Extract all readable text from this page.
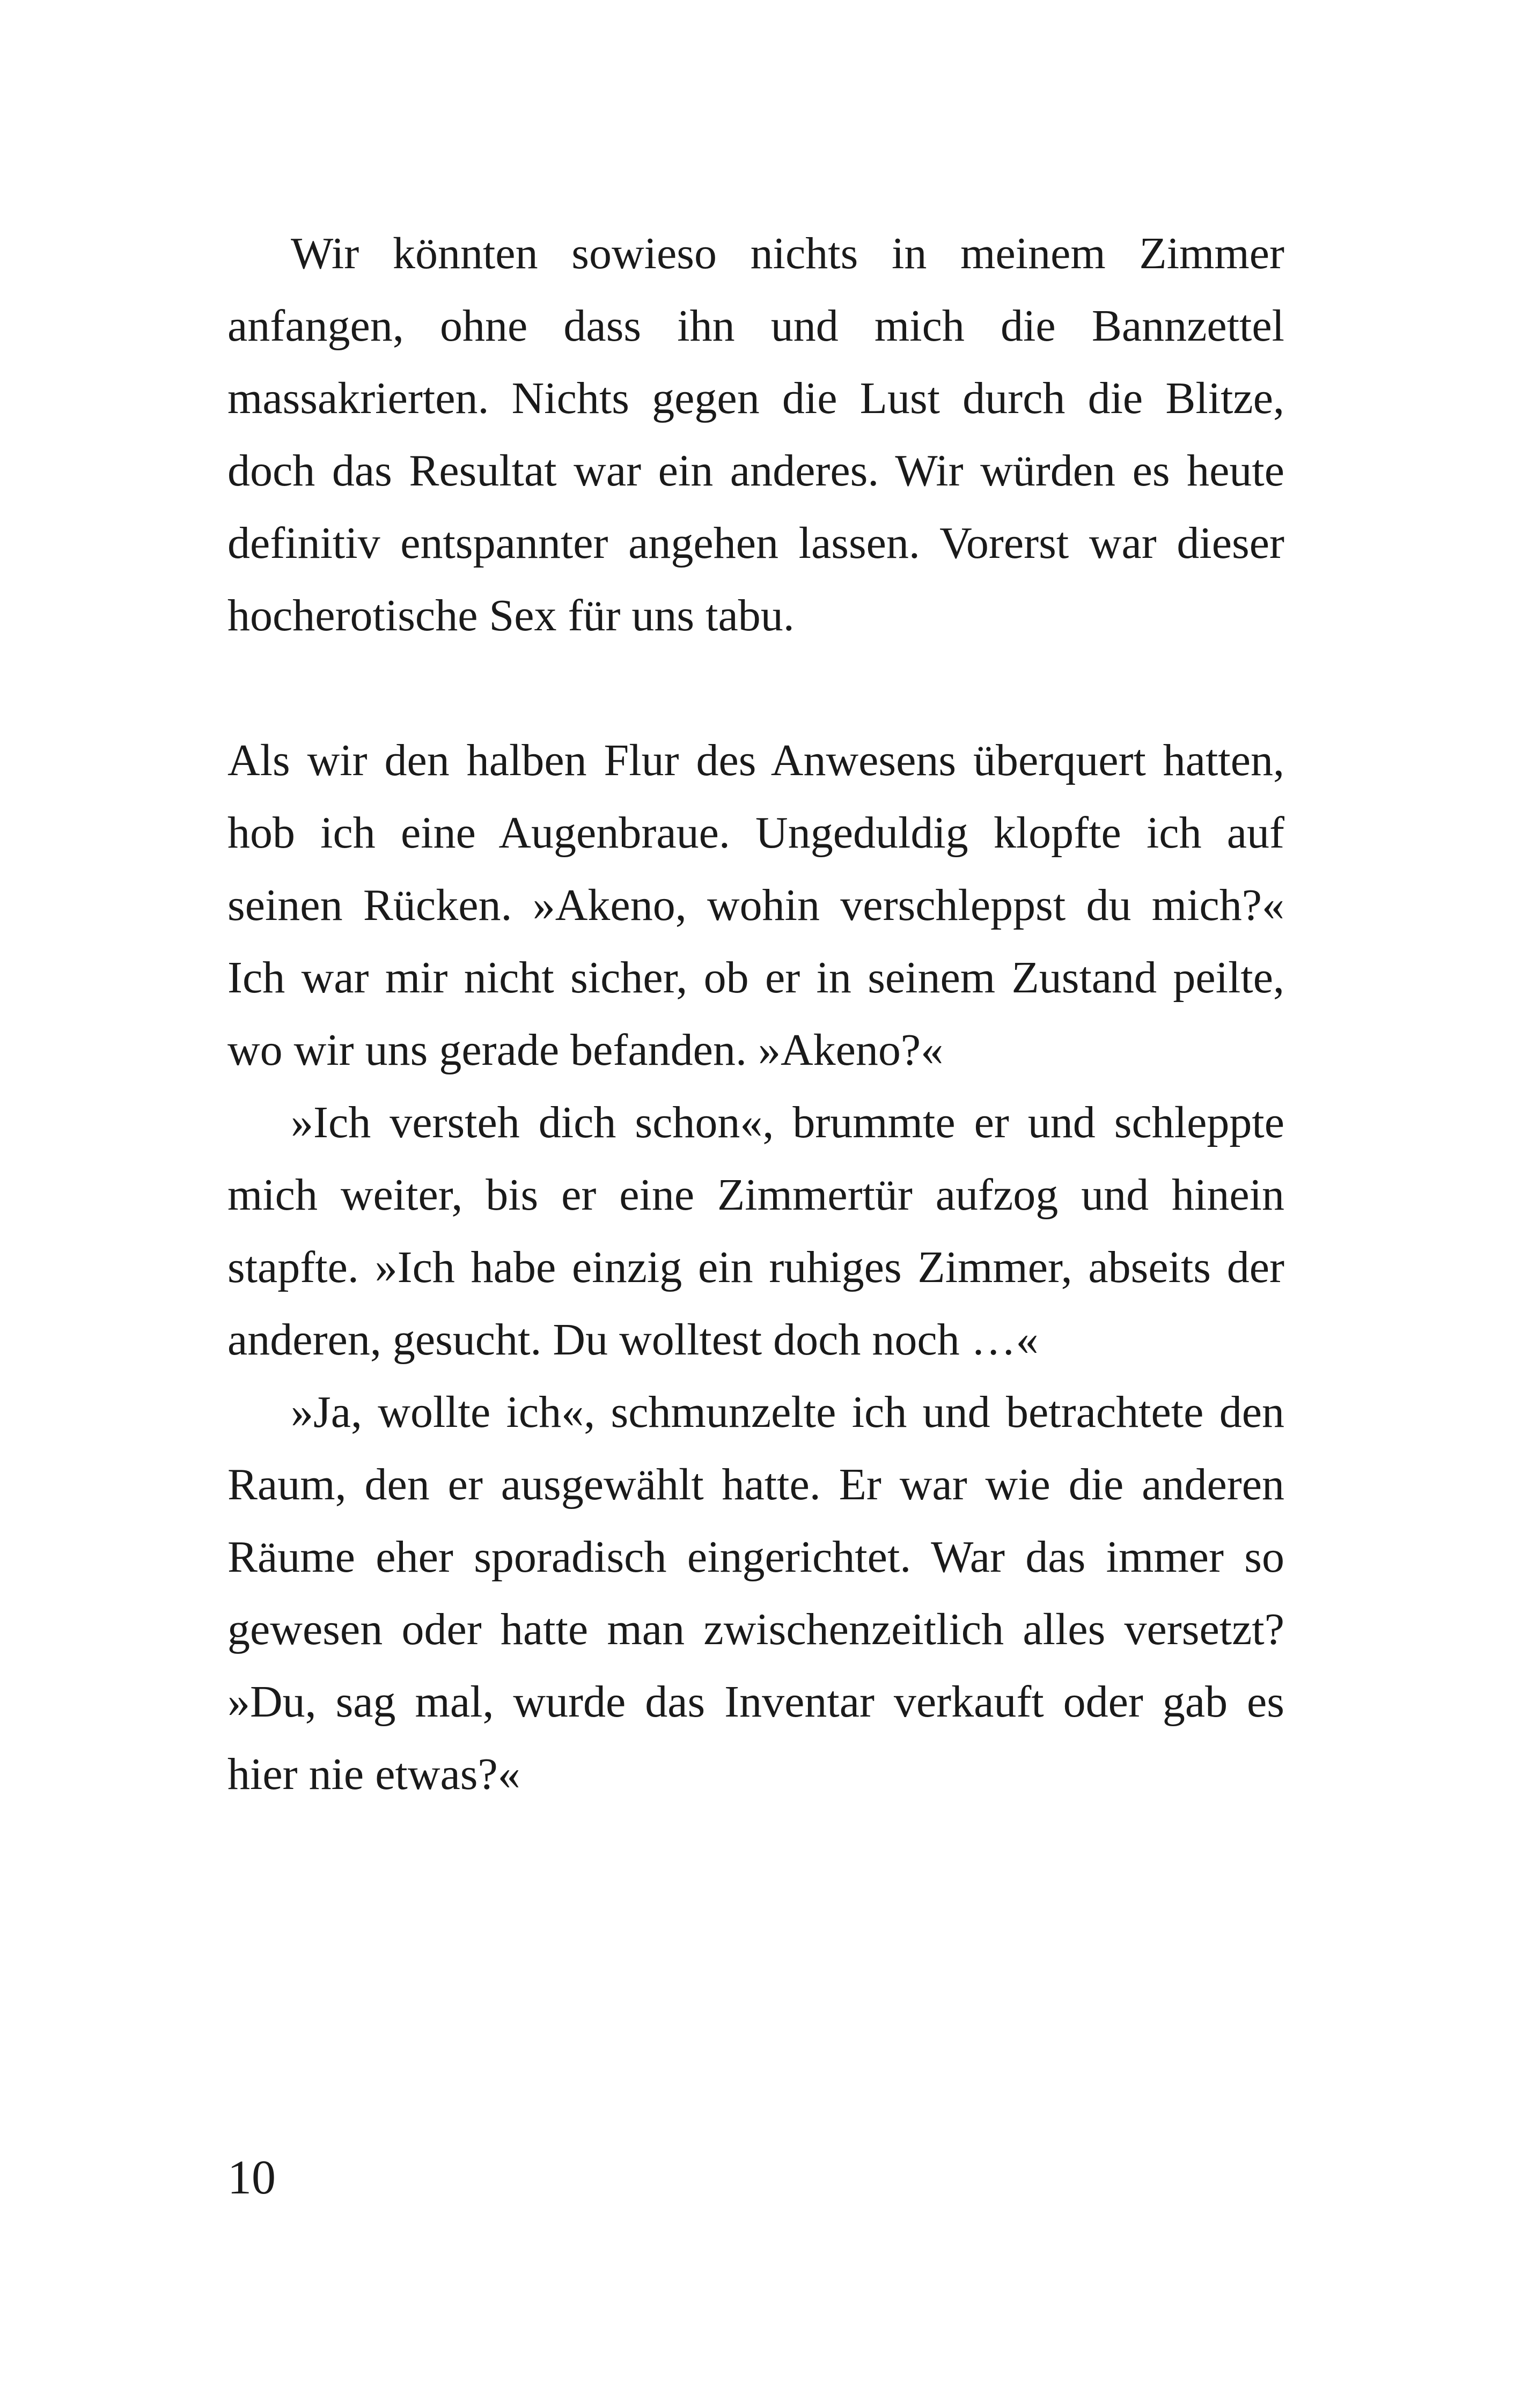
Wir könnten sowieso nichts in meinem Zimmer anfangen, ohne dass ihn und mich die Bannzettel massakrierten. Nichts gegen die Lust durch die Blitze, doch das Resultat war ein anderes. Wir würden es heute definitiv entspannter angehen lassen. Vorerst war dieser hocherotische Sex für uns tabu.

Als wir den halben Flur des Anwesens überquert hatten, hob ich eine Augenbraue. Ungeduldig klopfte ich auf seinen Rücken. »Akeno, wohin verschleppst du mich?« Ich war mir nicht sicher, ob er in seinem Zustand peilte, wo wir uns gerade befanden. »Akeno?«

»Ich versteh dich schon«, brummte er und schleppte mich weiter, bis er eine Zimmertür aufzog und hinein stapfte. »Ich habe einzig ein ruhiges Zimmer, abseits der anderen, gesucht. Du wolltest doch noch …«

»Ja, wollte ich«, schmunzelte ich und betrachtete den Raum, den er ausgewählt hatte. Er war wie die anderen Räume eher sporadisch eingerichtet. War das immer so gewesen oder hatte man zwischenzeitlich alles versetzt? »Du, sag mal, wurde das Inventar verkauft oder gab es hier nie etwas?«

10
